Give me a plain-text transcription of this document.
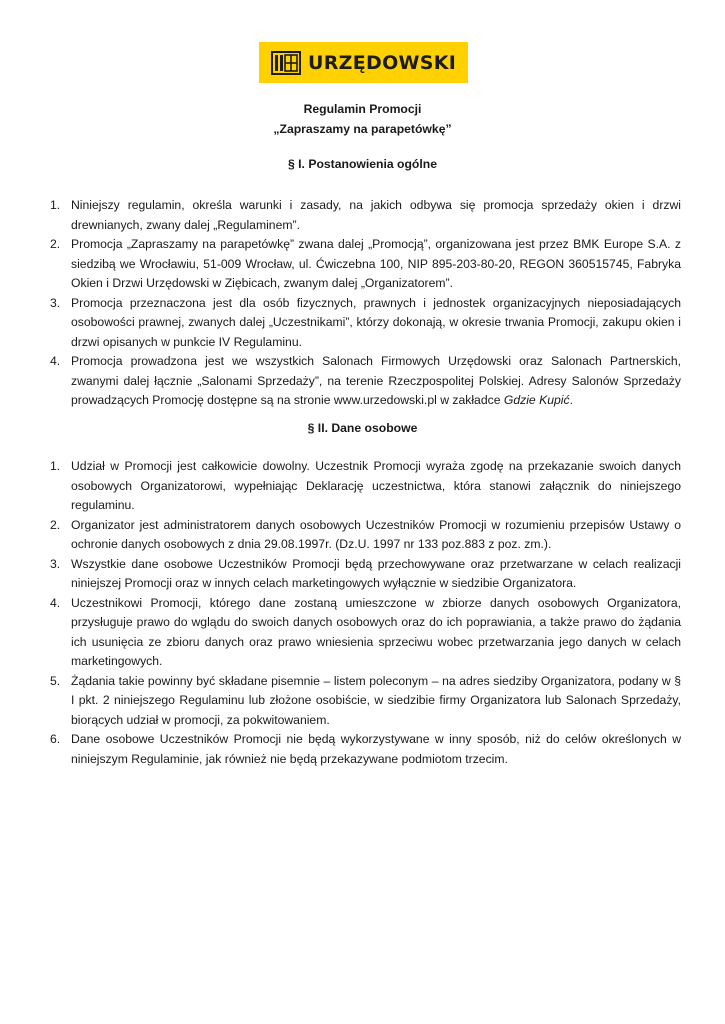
URZĘDOWSKI
Regulamin Promocji
„Zapraszamy na parapetówkę”
§ I. Postanowienia ogólne
1. Niniejszy regulamin, określa warunki i zasady, na jakich odbywa się promocja sprzedaży okien i drzwi drewnianych, zwany dalej „Regulaminem”.
2. Promocja „Zapraszamy na parapetówkę” zwana dalej „Promocją”, organizowana jest przez BMK Europe S.A. z siedzibą we Wrocławiu, 51-009 Wrocław, ul. Ćwiczebna 100, NIP 895-203-80-20, REGON 360515745, Fabryka Okien i Drzwi Urzędowski w Ziębicach, zwanym dalej „Organizatorem”.
3. Promocja przeznaczona jest dla osób fizycznych, prawnych i jednostek organizacyjnych nieposiadających osobowości prawnej, zwanych dalej „Uczestnikami”, którzy dokonają, w okresie trwania Promocji, zakupu okien i drzwi opisanych w punkcie IV Regulaminu.
4. Promocja prowadzona jest we wszystkich Salonach Firmowych Urzędowski oraz Salonach Partnerskich, zwanymi dalej łącznie „Salonami Sprzedaży”, na terenie Rzeczpospolitej Polskiej. Adresy Salonów Sprzedaży prowadzących Promocję dostępne są na stronie www.urzedowski.pl w zakładce Gdzie Kupić.
§ II. Dane osobowe
1. Udział w Promocji jest całkowicie dowolny. Uczestnik Promocji wyraża zgodę na przekazanie swoich danych osobowych Organizatorowi, wypełniając Deklarację uczestnictwa, która stanowi załącznik do niniejszego regulaminu.
2. Organizator jest administratorem danych osobowych Uczestników Promocji w rozumieniu przepisów Ustawy o ochronie danych osobowych z dnia 29.08.1997r. (Dz.U. 1997 nr 133 poz.883 z poz. zm.).
3. Wszystkie dane osobowe Uczestników Promocji będą przechowywane oraz przetwarzane w celach realizacji niniejszej Promocji oraz w innych celach marketingowych wyłącznie w siedzibie Organizatora.
4. Uczestnikowi Promocji, którego dane zostaną umieszczone w zbiorze danych osobowych Organizatora, przysługuje prawo do wglądu do swoich danych osobowych oraz do ich poprawiania, a także prawo do żądania ich usunięcia ze zbioru danych oraz prawo wniesienia sprzeciwu wobec przetwarzania jego danych w celach marketingowych.
5. Żądania takie powinny być składane pisemnie – listem poleconym – na adres siedziby Organizatora, podany w § I pkt. 2 niniejszego Regulaminu lub złożone osobiście, w siedzibie firmy Organizatora lub Salonach Sprzedaży, biorących udział w promocji, za pokwitowaniem.
6. Dane osobowe Uczestników Promocji nie będą wykorzystywane w inny sposób, niż do celów określonych w niniejszym Regulaminie, jak również nie będą przekazywane podmiotom trzecim.
